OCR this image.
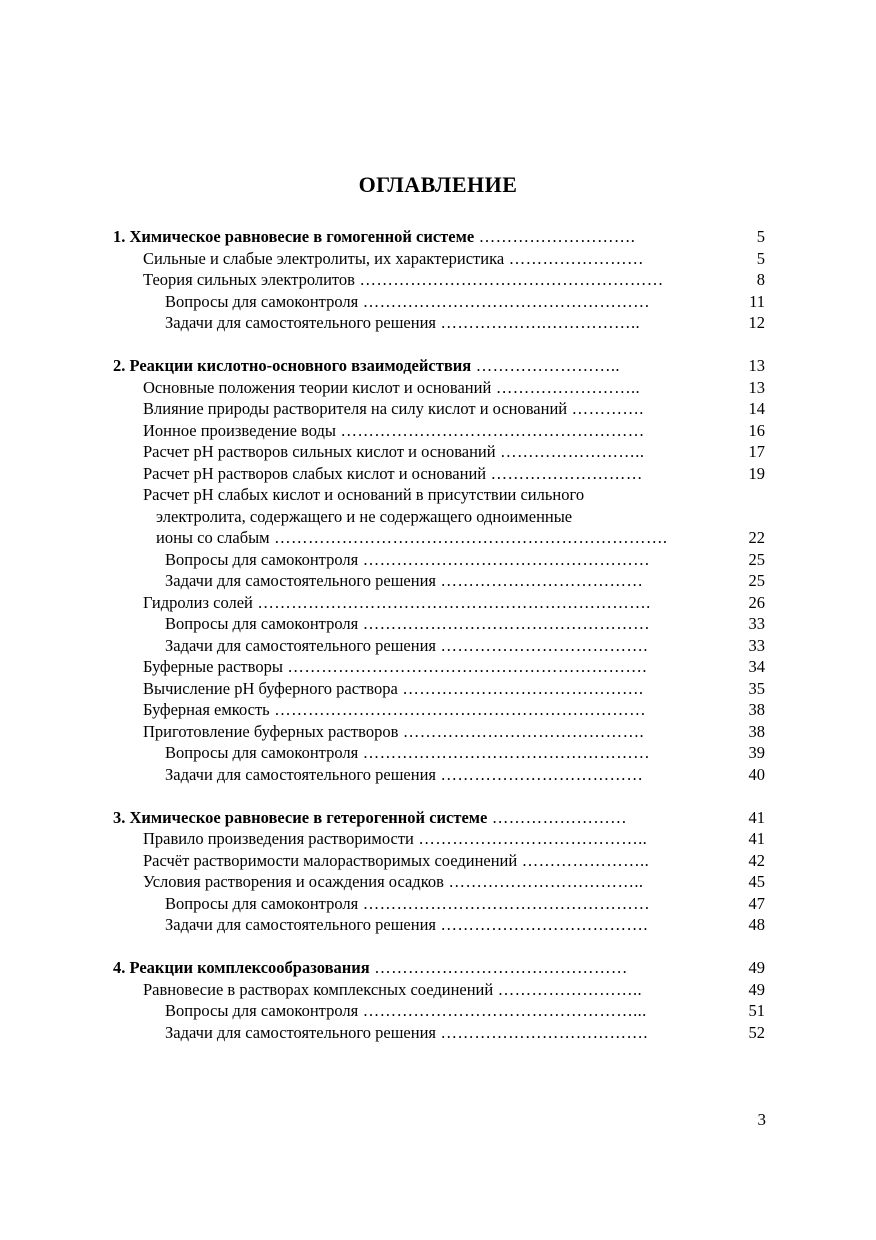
ОГЛАВЛЕНИЕ
1. Химическое равновесие в гомогенной системе ……………………….	5
Сильные и слабые электролиты, их характеристика ……………………	5
Теория сильных электролитов ………………………………………………	8
Вопросы для самоконтроля ……………………………………………	11
Задачи для самостоятельного решения ……………….……………..	12
2. Реакции кислотно-основного взаимодействия ……………………..	13
Основные положения теории кислот и оснований ……………………..	13
Влияние природы растворителя на силу кислот и оснований ………….	14
Ионное произведение воды ………………………………………………	16
Расчет pH растворов сильных кислот и оснований ……………………..	17
Расчет pH растворов слабых кислот и оснований ………………………	19
Расчет pH слабых кислот и оснований в присутствии сильного
электролита, содержащего и не содержащего одноименные
ионы со слабым …………………………………………………………….	22
Вопросы для самоконтроля ……………………………………………	25
Задачи для самостоятельного решения ………………………………	25
Гидролиз солей …………………………………………………………….	26
Вопросы для самоконтроля ……………………………………………	33
Задачи для самостоятельного решения ……………………………….	33
Буферные растворы ……………………………………………………….	34
Вычисление pH буферного раствора …………………………………….	35
Буферная емкость …………………………………………………………	38
Приготовление буферных растворов …………………………………….	38
Вопросы для самоконтроля ……………………………………………	39
Задачи для самостоятельного решения ………………………………	40
3. Химическое равновесие в гетерогенной системе ……………………	41
Правило произведения растворимости …………………………………..	41
Расчёт растворимости малорастворимых соединений …………………..	42
Условия растворения и осаждения осадков ……………………………..	45
Вопросы для самоконтроля ……………………………………………	47
Задачи для самостоятельного решения ……………………………….	48
4. Реакции комплексообразования ………………………………………	49
Равновесие в растворах комплексных соединений ……………………..	49
Вопросы для самоконтроля …………………………………………...	51
Задачи для самостоятельного решения ……………………………….	52
3
